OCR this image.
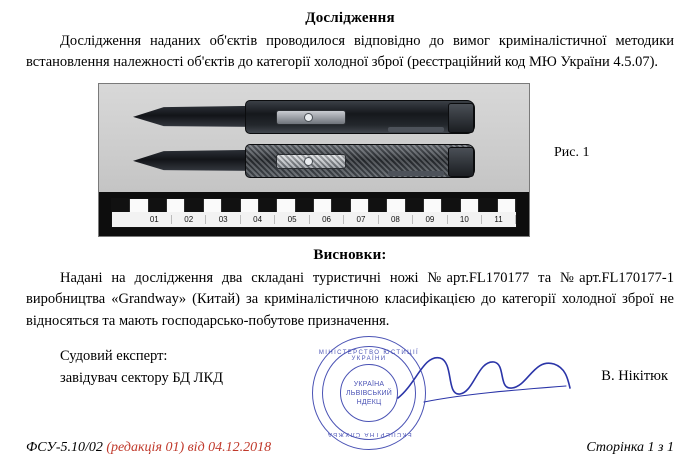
Дослідження

Дослідження наданих об'єктів проводилося відповідно до вимог криміналістичної методики встановлення належності об'єктів до категорії холодної зброї (реєстраційний код МЮ України 4.5.07).

01	02	03	04	05	06	07	08	09	10	11
Рис. 1
Висновки:

Надані на дослідження два складані туристичні ножі №арт.FL170177 та №арт.FL170177-1 виробництва «Grandway» (Китай) за криміналістичною класифікацією до категорії холодної зброї не відносяться та мають господарсько-побутове призначення.

Судовий експерт:
завідувач сектору БД ЛКД
МІНІСТЕРСТВО ЮСТИЦІЇ УКРАЇНИ
УКРАЇНА
ЛЬВІВСЬКИЙ
НДЕКЦ
ЕКСПЕРТНА СЛУЖБА
В. Нікітюк
ФСУ-5.10/02 (редакція 01) від 04.12.2018	Сторінка 1 з 1
